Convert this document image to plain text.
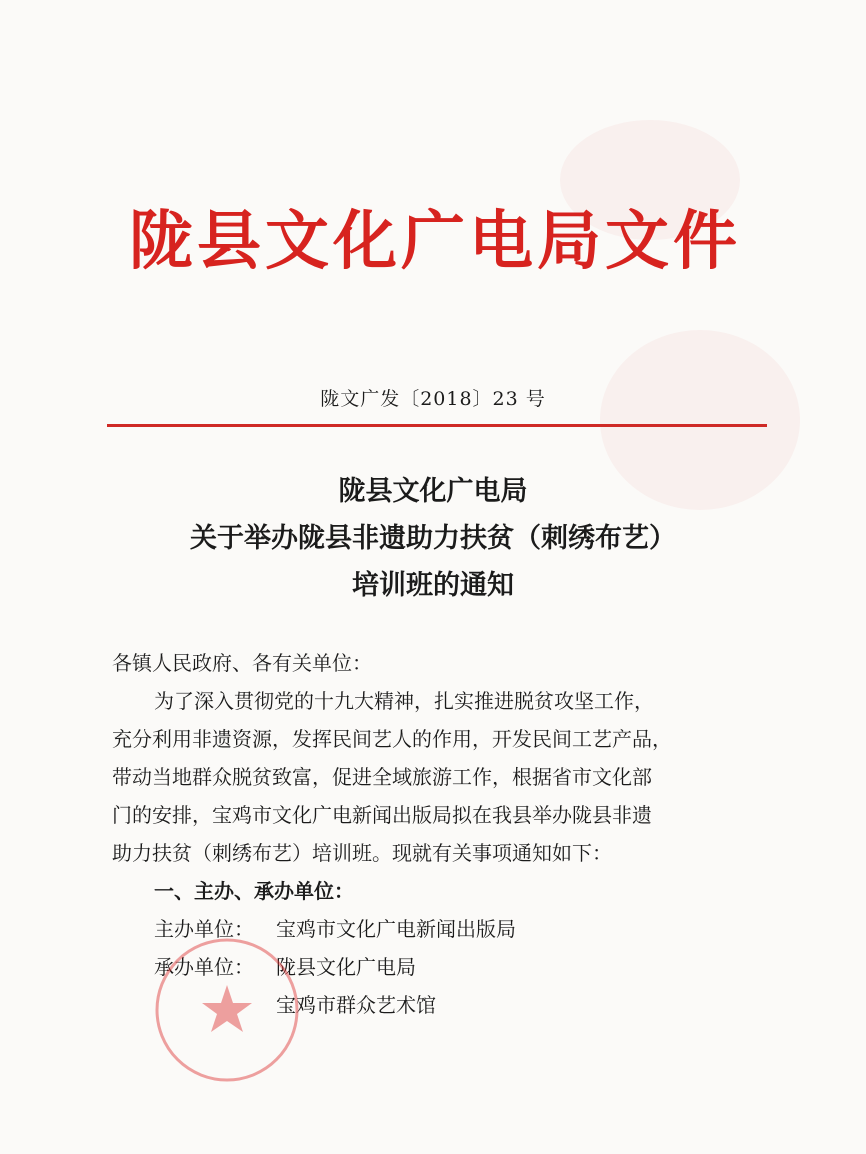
陇县文化广电局文件
陇文广发〔2018〕23 号
陇县文化广电局
关于举办陇县非遗助力扶贫（刺绣布艺）
培训班的通知
各镇人民政府、各有关单位：
为了深入贯彻党的十九大精神，扎实推进脱贫攻坚工作，
充分利用非遗资源，发挥民间艺人的作用，开发民间工艺产品，
带动当地群众脱贫致富，促进全域旅游工作，根据省市文化部
门的安排，宝鸡市文化广电新闻出版局拟在我县举办陇县非遗
助力扶贫（刺绣布艺）培训班。现就有关事项通知如下：
一、主办、承办单位：
主办单位： 宝鸡市文化广电新闻出版局
承办单位： 陇县文化广电局
宝鸡市群众艺术馆
